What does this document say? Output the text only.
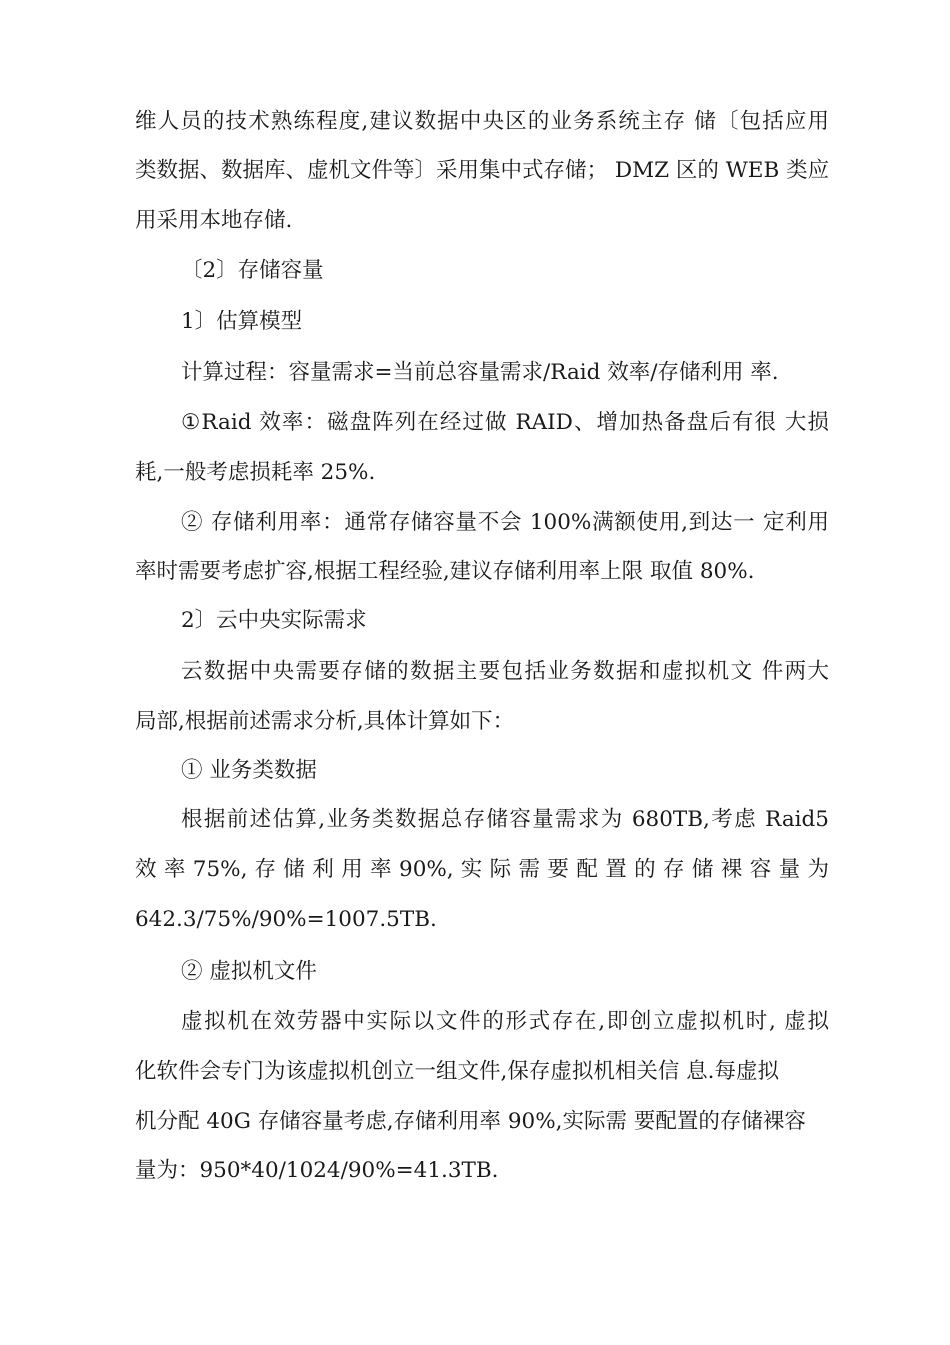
维人员的技术熟练程度,建议数据中央区的业务系统主存 储〔包括应用

类数据、数据库、虚机文件等〕采用集中式存储； DMZ 区的 WEB 类应

用采用本地存储.

〔2〕存储容量

1〕估算模型

计算过程：容量需求=当前总容量需求/Raid 效率/存储利用 率.

①Raid 效率：磁盘阵列在经过做 RAID、增加热备盘后有很 大损

耗,一般考虑损耗率 25%.

② 存储利用率：通常存储容量不会 100%满额使用,到达一 定利用

率时需要考虑扩容,根据工程经验,建议存储利用率上限 取值 80%.

2〕云中央实际需求

云数据中央需要存储的数据主要包括业务数据和虚拟机文 件两大

局部,根据前述需求分析,具体计算如下：

① 业务类数据

根据前述估算,业务类数据总存储容量需求为 680TB,考虑 Raid5

效 率 75%, 存 储 利 用 率 90%, 实 际 需 要 配 置 的 存 储 裸 容 量 为

642.3/75%/90%=1007.5TB.

② 虚拟机文件

虚拟机在效劳器中实际以文件的形式存在,即创立虚拟机时, 虚拟

化软件会专门为该虚拟机创立一组文件,保存虚拟机相关信 息.每虚拟

机分配 40G 存储容量考虑,存储利用率 90%,实际需 要配置的存储裸容

量为：950*40/1024/90%=41.3TB.
